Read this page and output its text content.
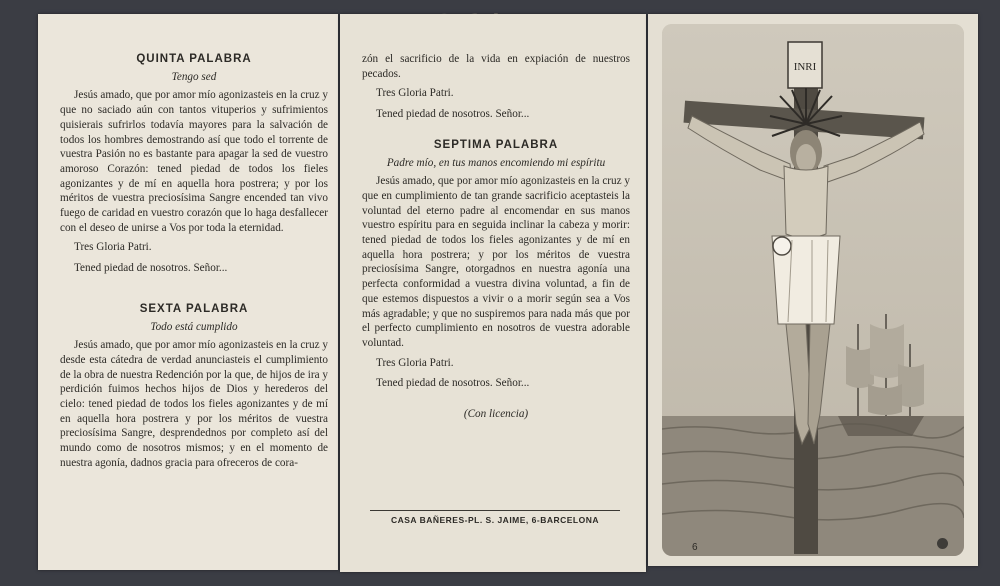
QUINTA PALABRA
Tengo sed
Jesús amado, que por amor mío agonizasteis en la cruz y que no saciado aún con tantos vituperios y sufrimientos quisierais sufrirlos todavía mayores para la salvación de todos los hombres demostrando así que todo el torrente de vuestra Pasión no es bastante para apagar la sed de vuestro amoroso Corazón: tened piedad de todos los fieles agonizantes y de mí en aquella hora postrera; y por los méritos de vuestra preciosísima Sangre encended tan vivo fuego de caridad en vuestro corazón que lo haga desfallecer con el deseo de unirse a Vos por toda la eternidad.
Tres Gloria Patri.
Tened piedad de nosotros. Señor...
SEXTA PALABRA
Todo está cumplido
Jesús amado, que por amor mío agonizasteis en la cruz y desde esta cátedra de verdad anunciasteis el cumplimiento de la obra de nuestra Redención por la que, de hijos de ira y perdición fuimos hechos hijos de Dios y herederos del cielo: tened piedad de todos los fieles agonizantes y de mí en aquella hora postrera y por los méritos de vuestra preciosísima Sangre, desprendednos por completo así del mundo como de nosotros mismos; y en el momento de nuestra agonía, dadnos gracia para ofreceros de cora-
zón el sacrificio de la vida en expiación de nuestros pecados.
Tres Gloria Patri.
Tened piedad de nosotros. Señor...
SEPTIMA PALABRA
Padre mío, en tus manos encomiendo mi espíritu
Jesús amado, que por amor mío agonizasteis en la cruz y que en cumplimiento de tan grande sacrificio aceptasteis la voluntad del eterno padre al encomendar en sus manos vuestro espíritu para en seguida inclinar la cabeza y morir: tened piedad de todos los fieles agonizantes y de mí en aquella hora postrera; y por los méritos de vuestra preciosísima Sangre, otorgadnos en nuestra agonía una perfecta conformidad a vuestra divina voluntad, a fin de que estemos dispuestos a vivir o a morir según sea a Vos más agradable; y que no suspiremos para nada más que por el perfecto cumplimiento en nosotros de vuestra adorable voluntad.
Tres Gloria Patri.
Tened piedad de nosotros. Señor...
(Con licencia)
CASA BAÑERES-PL. S. JAIME, 6-BARCELONA
INRI
6
